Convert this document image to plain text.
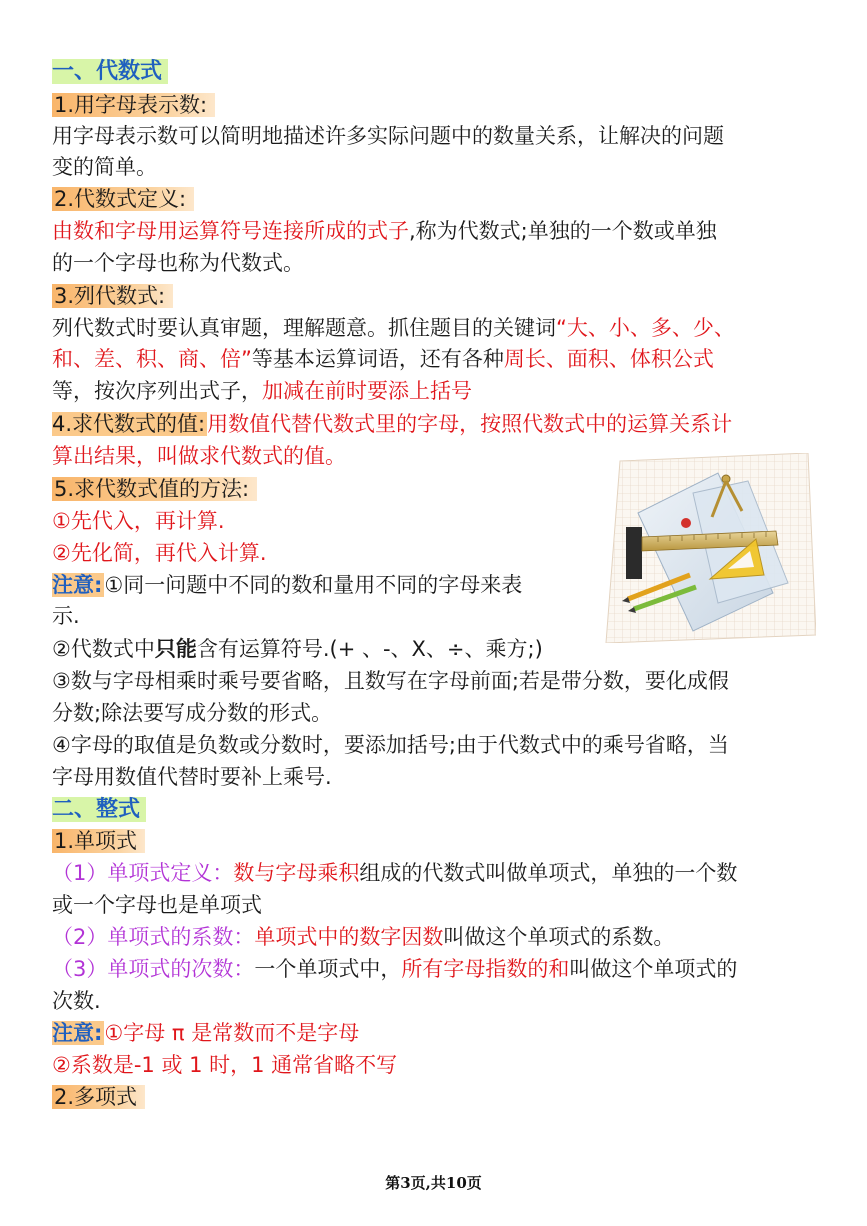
一、代数式
1.用字母表示数:
用字母表示数可以简明地描述许多实际问题中的数量关系，让解决的问题
变的简单。
2.代数式定义:
由数和字母用运算符号连接所成的式子,称为代数式;单独的一个数或单独
的一个字母也称为代数式。
3.列代数式:
列代数式时要认真审题，理解题意。抓住题目的关键词“大、小、多、少、
和、差、积、商、倍”等基本运算词语，还有各种周长、面积、体积公式
等，按次序列出式子，加减在前时要添上括号
4.求代数式的值:用数值代替代数式里的字母，按照代数式中的运算关系计
算出结果，叫做求代数式的值。
5.求代数式值的方法:
①先代入，再计算.
②先化简，再代入计算.
注意:①同一问题中不同的数和量用不同的字母来表
示.
②代数式中只能含有运算符号.(+ 、-、X、÷、乘方;)
③数与字母相乘时乘号要省略，且数写在字母前面;若是带分数，要化成假
分数;除法要写成分数的形式。
④字母的取值是负数或分数时，要添加括号;由于代数式中的乘号省略，当
字母用数值代替时要补上乘号.
二、整式
1.单项式
（1）单项式定义：数与字母乘积组成的代数式叫做单项式，单独的一个数
或一个字母也是单项式
（2）单项式的系数：单项式中的数字因数叫做这个单项式的系数。
（3）单项式的次数：一个单项式中，所有字母指数的和叫做这个单项式的
次数.
注意:①字母 π 是常数而不是字母
②系数是-1 或 1 时，1 通常省略不写
2.多项式
第3页,共10页
